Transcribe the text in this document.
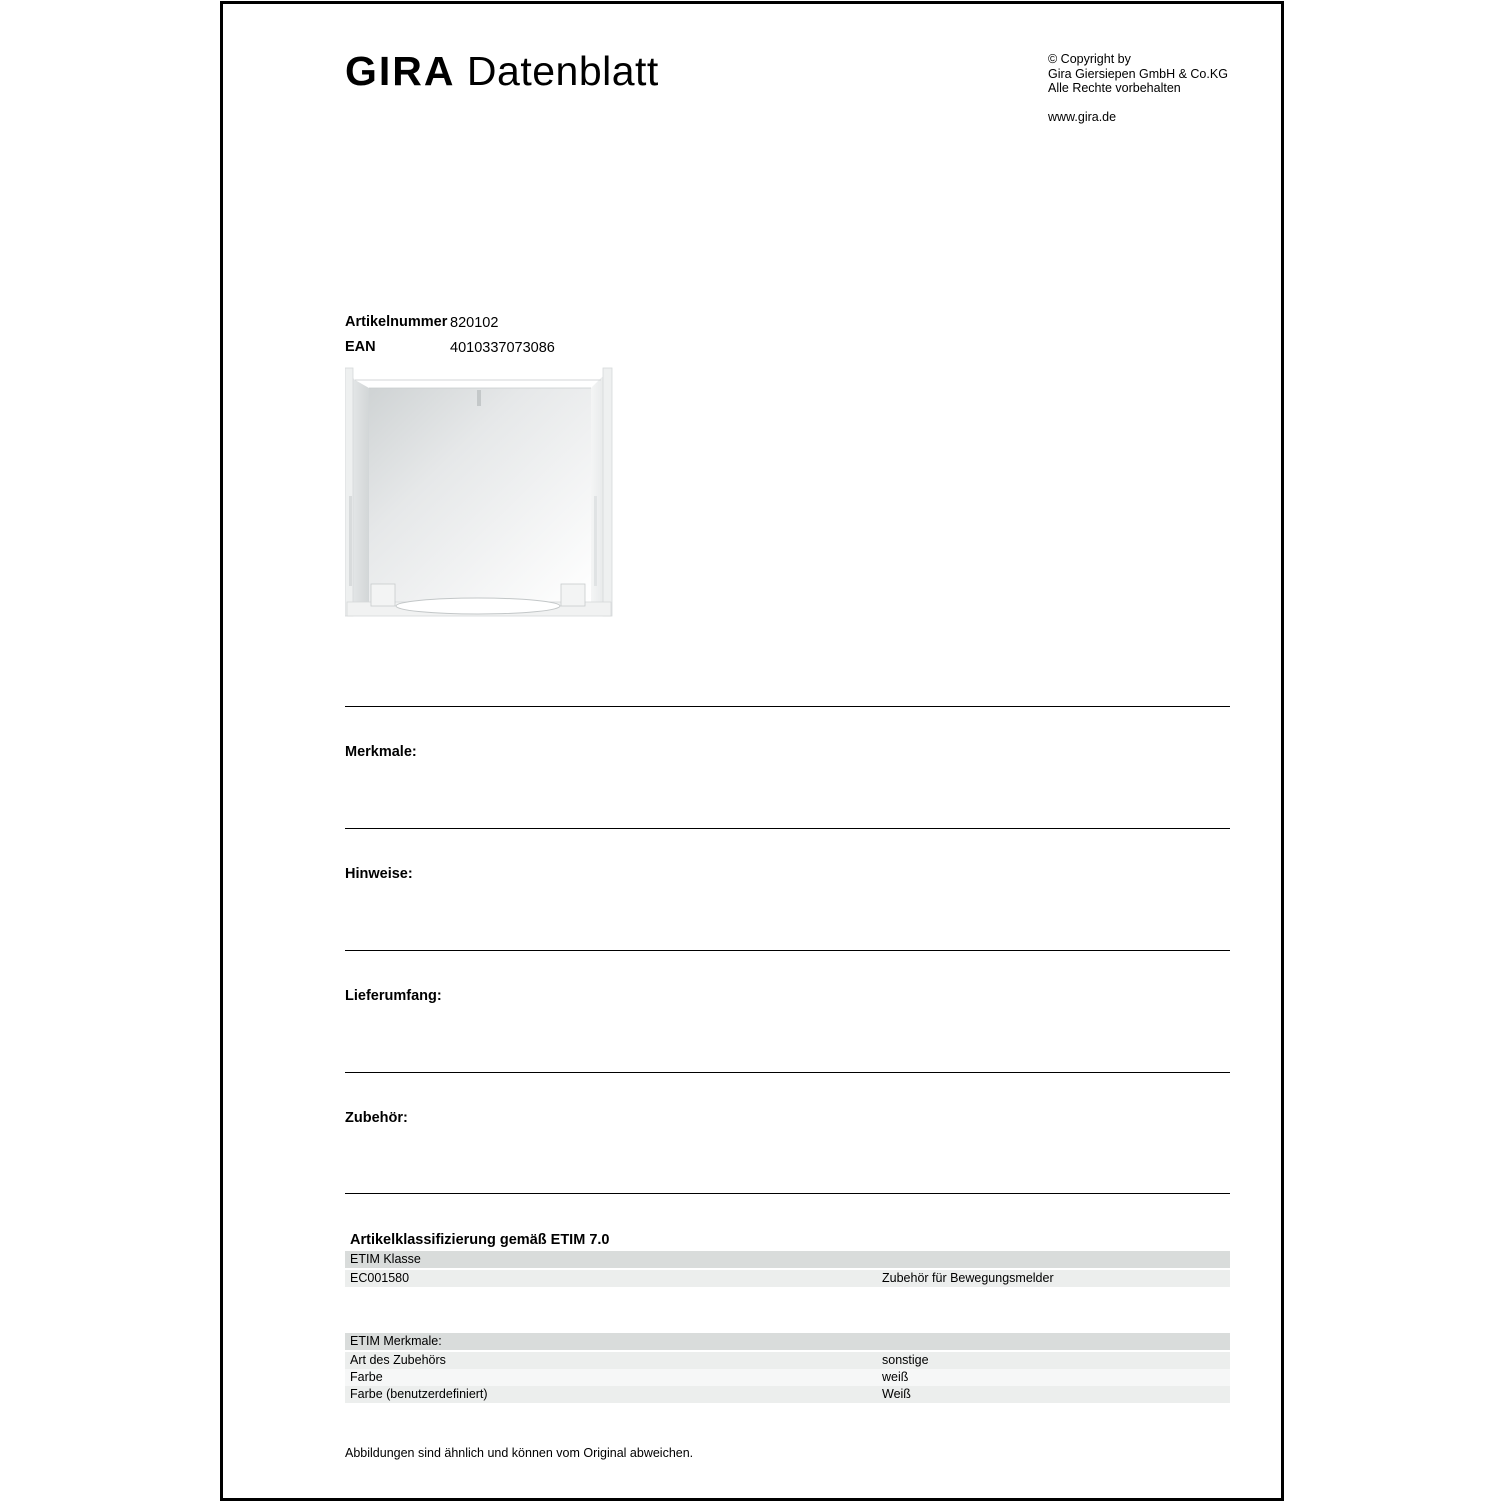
GIRA Datenblatt	© Copyright by
Gira Giersiepen GmbH & Co.KG
Alle Rechte vorbehalten
www.gira.de
Artikelnummer 820102
EAN	4010337073086
Merkmale:
Hinweise:
Lieferumfang:
Zubehör:
Artikelklassifizierung gemäß ETIM 7.0
ETIM Klasse
EC001580	Zubehör für Bewegungsmelder
ETIM Merkmale:
Art des Zubehörs	sonstige
Farbe	weiß
Farbe (benutzerdefiniert)	Weiß
Abbildungen sind ähnlich und können vom Original abweichen.
